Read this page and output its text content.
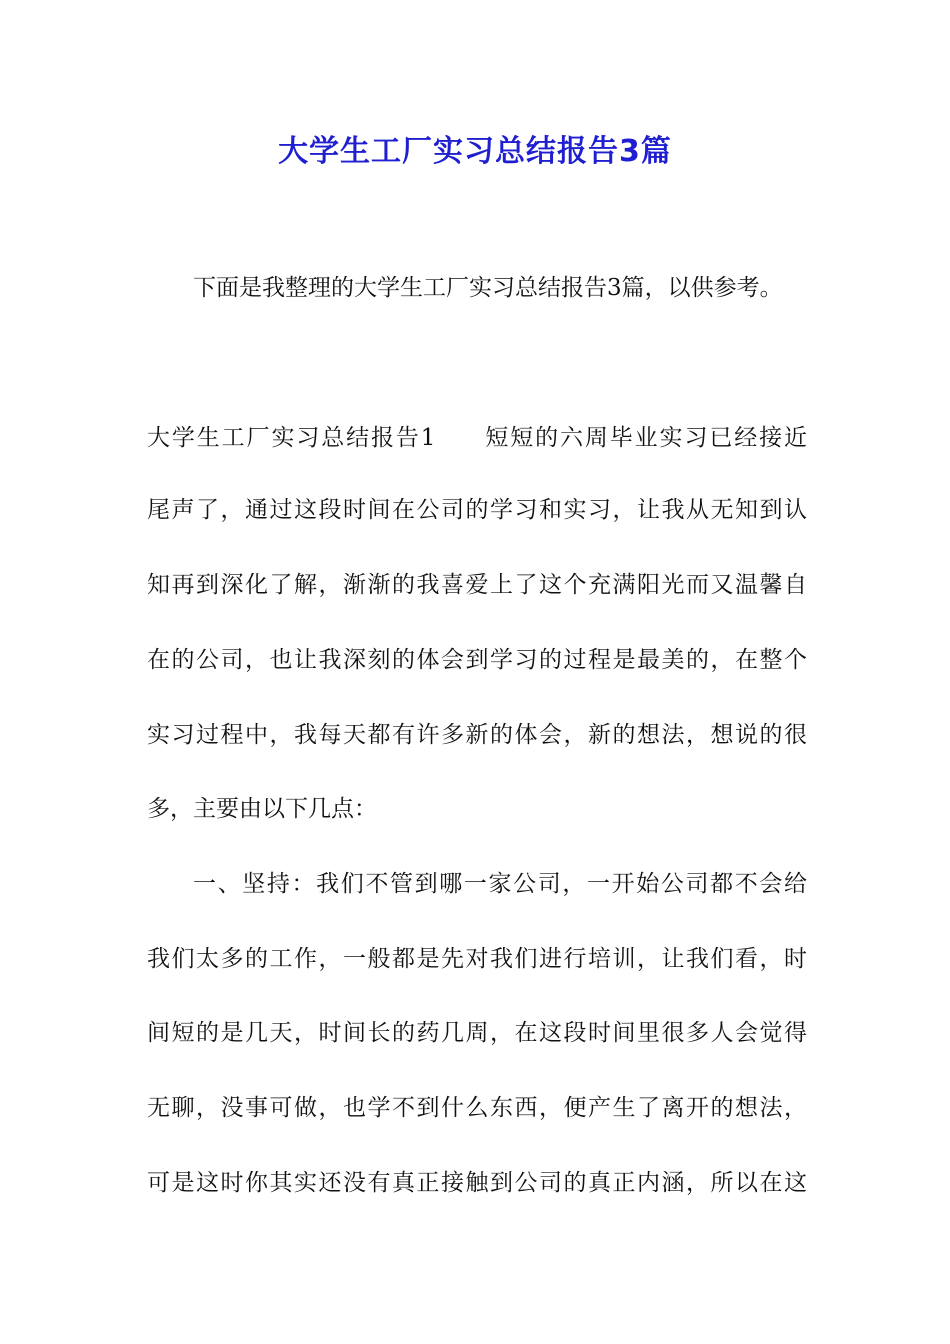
大学生工厂实习总结报告3篇

下面是我整理的大学生工厂实习总结报告3篇，以供参考。

大学生工厂实习总结报告1 短短的六周毕业实习已经接近

尾声了，通过这段时间在公司的学习和实习，让我从无知到认

知再到深化了解，渐渐的我喜爱上了这个充满阳光而又温馨自

在的公司，也让我深刻的体会到学习的过程是最美的，在整个

实习过程中，我每天都有许多新的体会，新的想法，想说的很

多，主要由以下几点：

一、坚持：我们不管到哪一家公司，一开始公司都不会给

我们太多的工作，一般都是先对我们进行培训，让我们看，时

间短的是几天，时间长的药几周，在这段时间里很多人会觉得

无聊，没事可做，也学不到什么东西，便产生了离开的想法，

可是这时你其实还没有真正接触到公司的真正内涵，所以在这
